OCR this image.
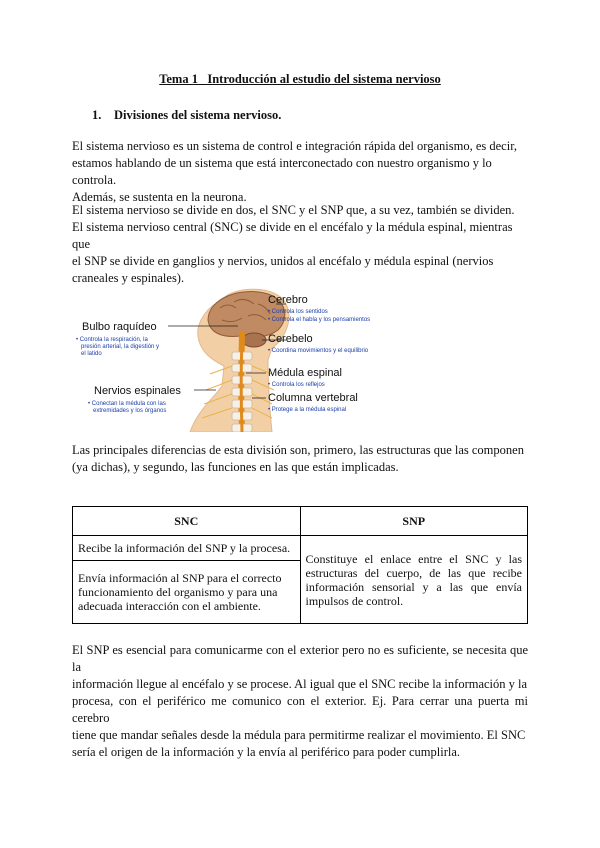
Tema 1_ Introducción al estudio del sistema nervioso
1. Divisiones del sistema nervioso.
El sistema nervioso es un sistema de control e integración rápida del organismo, es decir,
estamos hablando de un sistema que está interconectado con nuestro organismo y lo controla.
Además, se sustenta en la neurona.
El sistema nervioso se divide en dos, el SNC y el SNP que, a su vez, también se dividen.
El sistema nervioso central (SNC) se divide en el encéfalo y la médula espinal, mientras que
el SNP se divide en ganglios y nervios, unidos al encéfalo y médula espinal (nervios
craneales y espinales).
Cerebro
• Controla los sentidos
• Controla el habla y los pensamientos
Cerebelo
• Coordina movimientos y el equilibrio
Médula espinal
• Controla los reflejos
Columna vertebral
• Protege a la médula espinal
Bulbo raquídeo
• Controla la respiración, la
presión arterial, la digestión y
el latido
Nervios espinales
• Conectan la médula con las
extremidades y los órganos
Las principales diferencias de esta división son, primero, las estructuras que las componen
(ya dichas), y segundo, las funciones en las que están implicadas.
SNC	SNP
Recibe la información del SNP y la procesa.	Constituye el enlace entre el SNC y las estructuras del cuerpo, de las que recibe información sensorial y a las que envía impulsos de control.
Envía información al SNP para el correcto funcionamiento del organismo y para una adecuada interacción con el ambiente.	
El SNP es esencial para comunicarme con el exterior pero no es suficiente, se necesita que la
información llegue al encéfalo y se procese. Al igual que el SNC recibe la información y la
procesa, con el periférico me comunico con el exterior. Ej. Para cerrar una puerta mi cerebro
tiene que mandar señales desde la médula para permitirme realizar el movimiento. El SNC
sería el origen de la información y la envía al periférico para poder cumplirla.
